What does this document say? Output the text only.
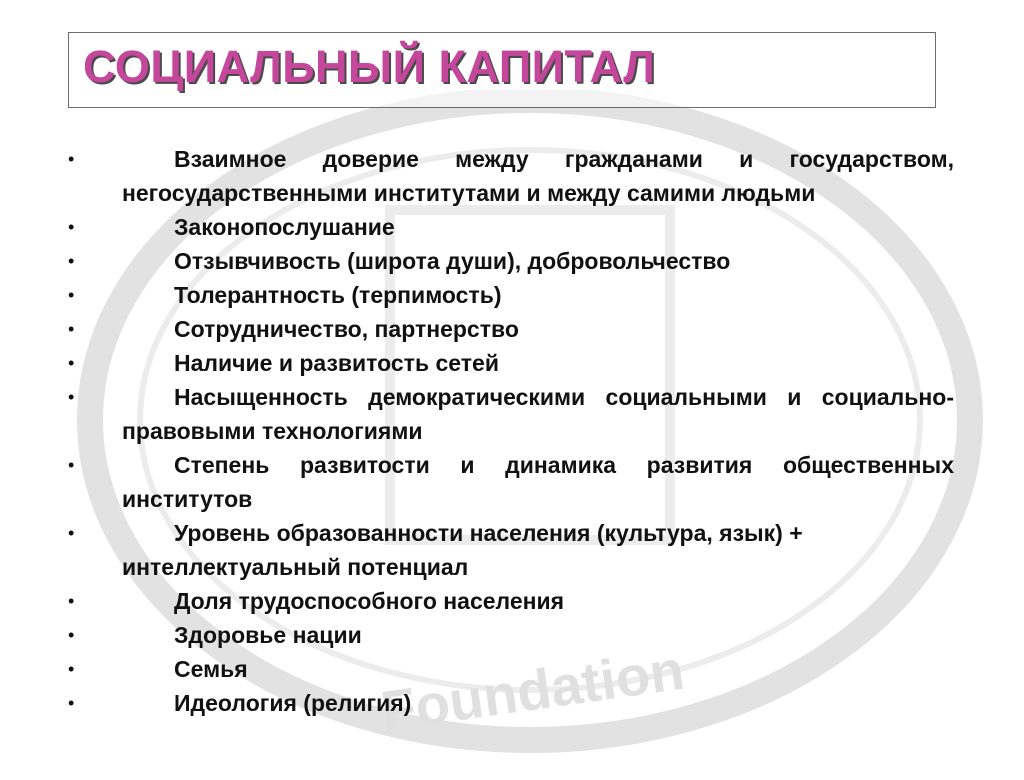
Foundation
СОЦИАЛЬНЫЙ КАПИТАЛ
•	Взаимное доверие между гражданами и государством, негосударственными институтами и между самими людьми
•	Законопослушание
•	Отзывчивость (широта души), добровольчество
•	Толерантность (терпимость)
•	Сотрудничество, партнерство
•	Наличие и развитость сетей
•	Насыщенность демократическими социальными и социально-правовыми технологиями
•	Степень развитости и динамика развития общественных институтов
•	Уровень образованности населения (культура, язык) + интеллектуальный потенциал
•	Доля трудоспособного населения
•	Здоровье нации
•	Семья
•	Идеология (религия)
